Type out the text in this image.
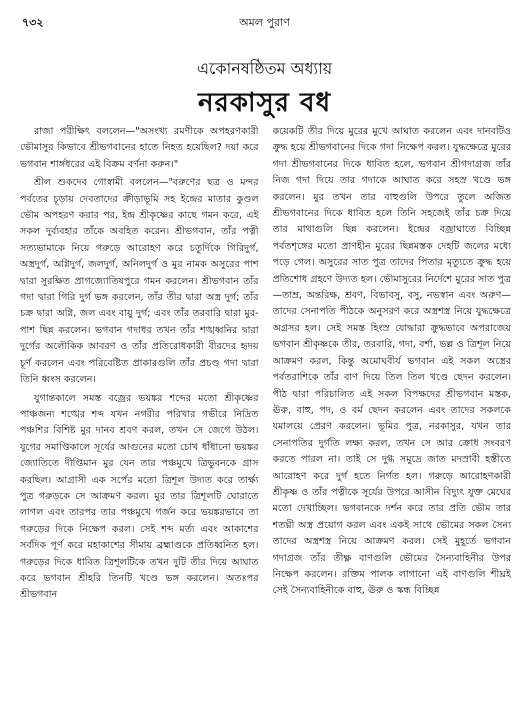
৭৩২	অমল পুরাণ
একোনষষ্ঠিতম অধ্যায়
নরকাসুর বধ

রাজা পরীক্ষিৎ বললেন—"অসংখ্য রমণীকে অপহরণকারী ভৌমাসুর কিভাবে শ্রীভগবানের হাতে নিহত হয়েছিল? দয়া করে ভগবান শার্ঙ্গধরের এই বিক্রম বর্ণনা করুন।"

শ্রীল শুকদেব গোস্বামী বললেন—"বরুণের ছত্র ও মন্দর পর্বতের চূড়ায় দেবতাদের ক্রীড়াভূমি সহ ইন্দ্রের মাতার কুণ্ডল ভৌম অপহরণ করার পর, ইন্দ্র শ্রীকৃষ্ণের কাছে গমন করে, এই সকল দুর্ব্যবহার তাঁকে অবহিত করেন। শ্রীভগবান, তাঁর পত্নী সত্যভামাকে নিয়ে গরুড়ে আরোহণ করে চতুর্দিকে গিরিদুর্গ, অস্ত্রদুর্গ, অগ্নিদুর্গ, জলদুর্গ, অনিলদুর্গ ও মুর নামক অসুরের পাশ দ্বারা সুরক্ষিত প্রাগজ্যোতিষপুরে গমন করলেন। শ্রীভগবান তাঁর গদা দ্বারা গিরি দুর্গ ভঙ্গ করলেন, তাঁর তীর দ্বারা অস্ত্র দুর্গ; তাঁর চক্র দ্বারা অগ্নি, জল এবং বায়ু দুর্গ; এবং তাঁর তরবারি দ্বারা মুর-পাশ ছিন্ন করলেন। ভগবান গদাধর তখন তাঁর শঙ্খধ্বনির দ্বারা দুর্গের অলৌকিক আবরণ ও তাঁর প্রতিরোধকারী বীরদের হৃদয় চূর্ণ করলেন এবং পরিবেষ্টিত প্রাকারগুলি তাঁর প্রচণ্ড গদা দ্বারা তিনি ধ্বংস করলেন।

যুগান্তকালে সমস্ত বজ্রের ভয়ঙ্কর শব্দের মতো শ্রীকৃষ্ণের পাঞ্চজন্য শঙ্খের শব্দ যখন নগরীর পরিখার গভীরে নিদ্রিত পঞ্চশির বিশিষ্ট মুর দানব শ্রবণ করল, তখন সে জেগে উঠল। যুগের সমাপ্তিকালে সূর্যের আগুনের মতো চোখ ধাঁধানো ভয়ঙ্কর জ্যোতিতে দীপ্তিমান মুর যেন তার পঞ্চমুখে ত্রিভুবনকে গ্রাস করছিল। আগ্রাসী এক সর্পের মতো ত্রিশূল উদ্যত করে তার্ক্ষ্য পুত্র গরুড়কে সে আক্রমণ করল। মুর তার ত্রিশূলটি ঘোরাতে লাগল এবং তারপর তার পঞ্চমুখে গর্জন করে ভয়ঙ্করভাবে তা গরুড়ের দিকে নিক্ষেপ করল। সেই শব্দ মর্ত্য এবং আকাশের সর্বদিক পূর্ণ করে মহাকাশের সীমায় ব্রহ্মাণ্ডকে প্রতিধ্বনিত হল। গরুড়ের দিকে ধাবিত ত্রিশূলটিকে তখন দুটি তীর দিয়ে আঘাত করে ভগবান শ্রীহরি তিনটি খণ্ডে ভঙ্গ করলেন। অতঃপর শ্রীভগবান

কয়েকটি তীর দিয়ে মুরের মুখে আঘাত করলেন এবং দানবটিও ক্রুদ্ধ হয়ে শ্রীভগবানের দিকে গদা নিক্ষেপ করল। যুদ্ধক্ষেত্রে মুরের গদা শ্রীভগবানের দিকে ধাবিত হলে, ভগবান শ্রীগদাগ্রজ তাঁর নিজ গদা দিয়ে তার গদাকে আঘাত করে সহস্র খণ্ডে ভঙ্গ করলেন। মুর তখন তার বাহুগুলি উপরে তুলে অজিত শ্রীভগবানের দিকে ধাবিত হলে তিনি সহজেই তাঁর চক্র দিয়ে তার মাথাগুলি ছিন্ন করলেন। ইন্দ্রের বজ্রাঘাতে বিচ্ছিন্ন পর্বতশৃঙ্গের মতো প্রাণহীন মুরের ছিন্নমস্তক দেহটি জলের মধ্যে পড়ে গেল। অসুরের সাত পুত্র তাদের পিতার মৃত্যুতে ক্রুদ্ধ হয়ে প্রতিশোধ গ্রহণে উদ্যত হল। ভৌমাসুরের নির্দেশে মুরের সাত পুত্র—তাম্র, অন্তরিক্ষ, শ্রবণ, বিভাবসু, বসু, নভস্বান এবং অরুণ—তাদের সেনাপতি পীঠকে অনুসরণ করে অস্ত্রশস্ত্র নিয়ে যুদ্ধক্ষেত্রে অগ্রসর হল। সেই সমস্ত হিংস্র যোদ্ধারা ক্রুদ্ধভাবে অপরাজেয় ভগবান শ্রীকৃষ্ণকে তীর, তরবারি, গদা, বর্শা, ভল্ল ও ত্রিশূল নিয়ে আক্রমণ করল, কিন্তু অমোঘবীর্য ভগবান এই সকল অস্ত্রের পর্বতরাশিকে তাঁর বাণ দিয়ে তিল তিল খণ্ডে ছেদন করলেন। পীঠ দ্বারা পরিচালিত এই সকল বিপক্ষদের শ্রীভগবান মস্তক, ঊরু, বাহু, পদ, ও বর্ম ছেদন করলেন এবং তাদের সকলকে যমালয়ে প্রেরণ করলেন। ভূমির পুত্র, নরকাসুর, যখন তার সেনাপতির দুর্গতি লক্ষ্য করল, তখন সে আর ক্রোধ সংবরণ করতে পারল না। তাই সে দুগ্ধ সমুদ্রে জাত মদস্রাবী হস্তীতে আরোহণ করে দুর্গ হতে নির্গত হল। গরুড়ে আরোহণকারী শ্রীকৃষ্ণ ও তাঁর পত্নীকে সূর্যের উপরে আসীন বিদ্যুৎ যুক্ত মেঘের মতো দেখাচ্ছিল। ভগবানকে দর্শন করে তার প্রতি ভৌম তার শতঘ্নী অস্ত্র প্রয়োগ করল এবং একই সাথে ভৌমের সকল সৈন্য তাদের অস্ত্রশস্ত্র নিয়ে আক্রমণ করল। সেই মুহূর্তে ভগবান গদাগ্রজ তাঁর তীক্ষ্ণ বাণগুলি ভৌমের সৈন্যবাহিনীর উপর নিক্ষেপ করলেন। রক্তিম পালক লাগানো এই বাণগুলি শীঘ্রই সেই সৈন্যবাহিনীকে বাহু, ঊরু ও স্কন্ধ বিচ্ছিন্ন
